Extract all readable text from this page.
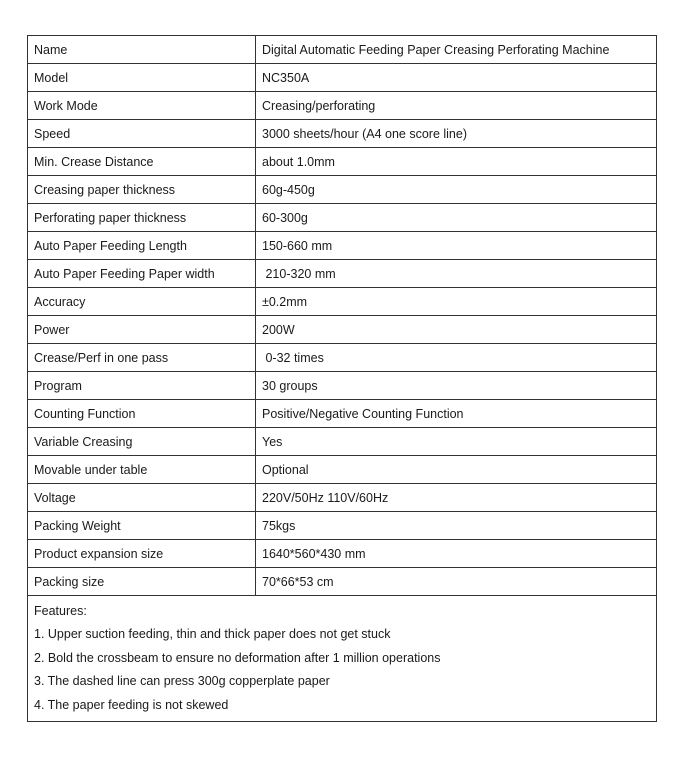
Name	Digital Automatic Feeding Paper Creasing Perforating Machine
Model	NC350A
Work Mode	Creasing/perforating
Speed	3000 sheets/hour (A4 one score line)
Min. Crease Distance	about 1.0mm
Creasing paper thickness	60g-450g
Perforating paper thickness	60-300g
Auto Paper Feeding Length	150-660 mm
Auto Paper Feeding Paper width	210-320 mm
Accuracy	±0.2mm
Power	200W
Crease/Perf in one pass	0-32 times
Program	30 groups
Counting Function	Positive/Negative Counting Function
Variable Creasing	Yes
Movable under table	Optional
Voltage	220V/50Hz 110V/60Hz
Packing Weight	75kgs
Product expansion size	1640*560*430 mm
Packing size	70*66*53 cm

Features:
1. Upper suction feeding, thin and thick paper does not get stuck
2. Bold the crossbeam to ensure no deformation after 1 million operations
3. The dashed line can press 300g copperplate paper
4. The paper feeding is not skewed	
